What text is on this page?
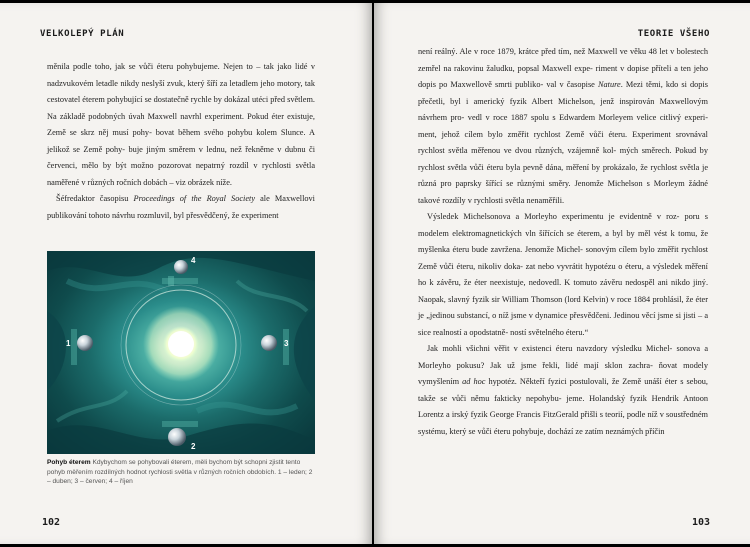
VELKOLEPÝ PLÁN

měnila podle toho, jak se vůči éteru pohybujeme. Nejen to – tak jako lidé v nadzvukovém letadle nikdy neslyší zvuk, který šíří za letadlem jeho motory, tak cestovatel éterem pohybující se dostatečně rychle by dokázal utéci před světlem. Na základě podobných úvah Maxwell navrhl experiment. Pokud éter existuje, Země se skrz něj musí pohy- bovat během svého pohybu kolem Slunce. A jelikož se Země pohy- buje jiným směrem v lednu, než řekněme v dubnu či červenci, mělo by být možno pozorovat nepatrný rozdíl v rychlosti světla naměřené v různých ročních dobách – viz obrázek níže.

Šéfredaktor časopisu Proceedings of the Royal Society ale Maxwellovi publikování tohoto návrhu rozmluvil, byl přesvědčený, že experiment

4
1	3
2
Pohyb éterem Kdybychom se pohybovali éterem, měli bychom být schopni zjistit tento pohyb měřením rozdílných hodnot rychlosti světla v různých ročních obdobích. 1 – leden; 2 – duben; 3 – červen; 4 – říjen
102
TEORIE VŠEHO

není reálný. Ale v roce 1879, krátce před tím, než Maxwell ve věku 48 let v bolestech zemřel na rakovinu žaludku, popsal Maxwell expe- riment v dopise příteli a ten jeho dopis po Maxwellově smrti publiko- val v časopise Nature. Mezi těmi, kdo si dopis přečetli, byl i americký fyzik Albert Michelson, jenž inspirován Maxwellovým návrhem pro- vedl v roce 1887 spolu s Edwardem Morleyem velice citlivý experi- ment, jehož cílem bylo změřit rychlost Země vůči éteru. Experiment srovnával rychlost světla měřenou ve dvou různých, vzájemně kol- mých směrech. Pokud by rychlost světla vůči éteru byla pevně dána, měření by prokázalo, že rychlost světla je různá pro paprsky šířící se různými směry. Jenomže Michelson s Morleym žádné takové rozdíly v rychlosti světla nenaměřili.

Výsledek Michelsonova a Morleyho experimentu je evidentně v roz- poru s modelem elektromagnetických vln šířících se éterem, a byl by měl vést k tomu, že myšlenka éteru bude zavržena. Jenomže Michel- sonovým cílem bylo změřit rychlost Země vůči éteru, nikoliv doka- zat nebo vyvrátit hypotézu o éteru, a výsledek měření ho k závěru, že éter neexistuje, nedovedl. K tomuto závěru nedospěl ani nikdo jiný. Naopak, slavný fyzik sir William Thomson (lord Kelvin) v roce 1884 prohlásil, že éter je „jedinou substancí, o níž jsme v dynamice přesvědčeni. Jedinou věcí jsme si jisti – a sice realností a opodstatně- ností světelného éteru.“

Jak mohli všichni věřit v existenci éteru navzdory výsledku Michel- sonova a Morleyho pokusu? Jak už jsme řekli, lidé mají sklon zachra- ňovat modely vymyšlením ad hoc hypotéz. Někteří fyzici postulovali, že Země unáší éter s sebou, takže se vůči němu fakticky nepohybu- jeme. Holandský fyzik Hendrik Antoon Lorentz a irský fyzik George Francis FitzGerald přišli s teorií, podle níž v soustředném systému, který se vůči éteru pohybuje, dochází ze zatím neznámých příčin

103
